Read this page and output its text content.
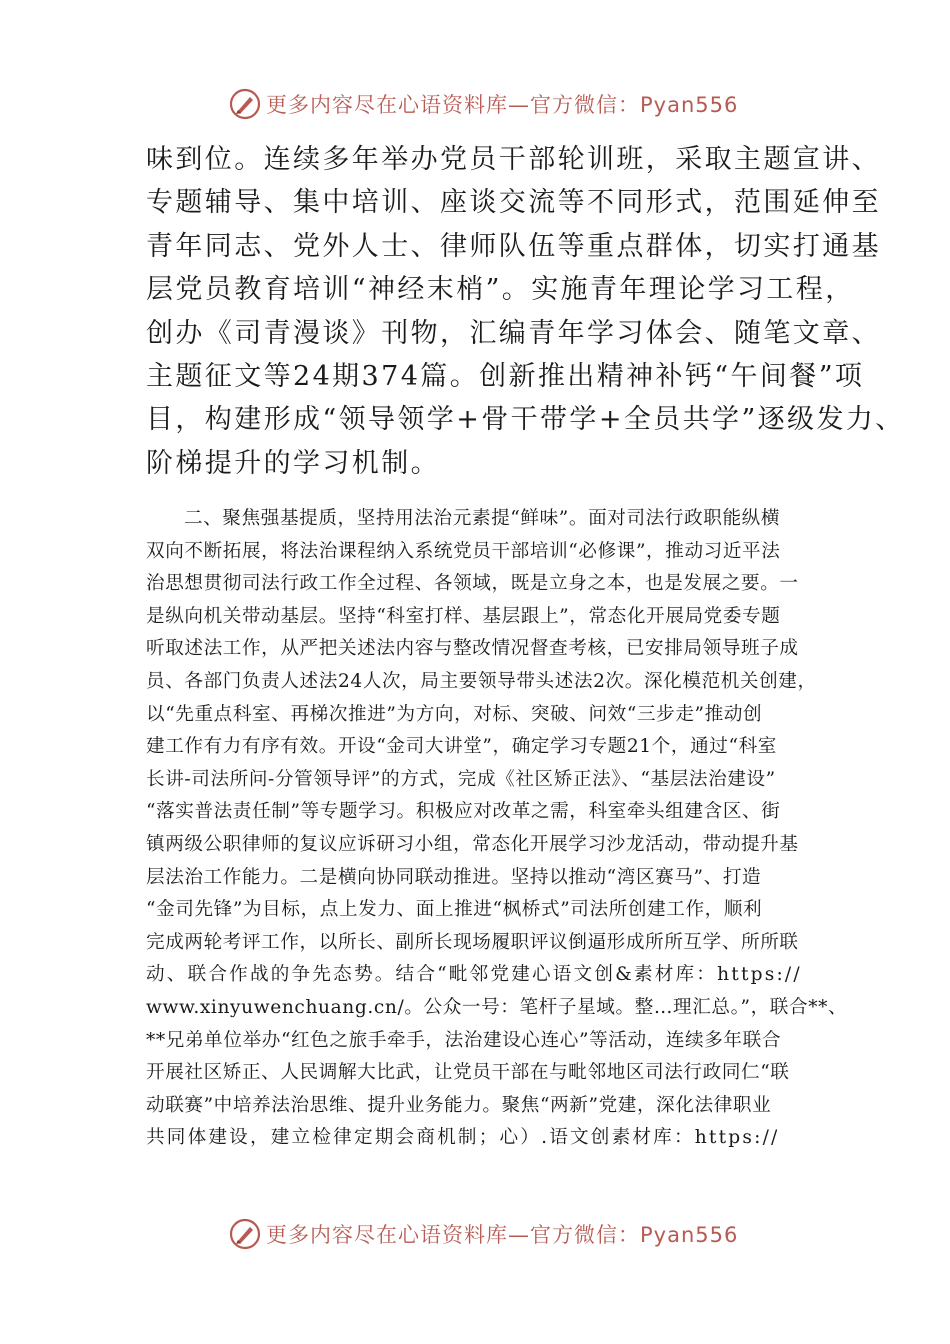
更多内容尽在心语资料库—官方微信：Pyan556
味到位。连续多年举办党员干部轮训班，采取主题宣讲、
专题辅导、集中培训、座谈交流等不同形式，范围延伸至
青年同志、党外人士、律师队伍等重点群体，切实打通基
层党员教育培训“神经末梢”。实施青年理论学习工程，
创办《司青漫谈》刊物，汇编青年学习体会、随笔文章、
主题征文等24期374篇。创新推出精神补钙“午间餐”项
目，构建形成“领导领学+骨干带学+全员共学”逐级发力、
阶梯提升的学习机制。
二、聚焦强基提质，坚持用法治元素提“鲜味”。面对司法行政职能纵横
双向不断拓展，将法治课程纳入系统党员干部培训“必修课”，推动习近平法
治思想贯彻司法行政工作全过程、各领域，既是立身之本，也是发展之要。一
是纵向机关带动基层。坚持“科室打样、基层跟上”，常态化开展局党委专题
听取述法工作，从严把关述法内容与整改情况督查考核，已安排局领导班子成
员、各部门负责人述法24人次，局主要领导带头述法2次。深化模范机关创建，
以“先重点科室、再梯次推进”为方向，对标、突破、问效“三步走”推动创
建工作有力有序有效。开设“金司大讲堂”，确定学习专题21个，通过“科室
长讲-司法所问-分管领导评”的方式，完成《社区矫正法》、“基层法治建设”
“落实普法责任制”等专题学习。积极应对改革之需，科室牵头组建含区、街
镇两级公职律师的复议应诉研习小组，常态化开展学习沙龙活动，带动提升基
层法治工作能力。二是横向协同联动推进。坚持以推动“湾区赛马”、打造
“金司先锋”为目标，点上发力、面上推进“枫桥式”司法所创建工作，顺利
完成两轮考评工作，以所长、副所长现场履职评议倒逼形成所所互学、所所联
动、联合作战的争先态势。结合“毗邻党建心语文创&素材库：https://
www.xinyuwenchuang.cn/。公众一号：笔杆子星域。整…理汇总。”，联合**、
**兄弟单位举办“红色之旅手牵手，法治建设心连心”等活动，连续多年联合
开展社区矫正、人民调解大比武，让党员干部在与毗邻地区司法行政同仁“联
动联赛”中培养法治思维、提升业务能力。聚焦“两新”党建，深化法律职业
共同体建设，建立检律定期会商机制；心）.语文创素材库：https://
更多内容尽在心语资料库—官方微信：Pyan556
